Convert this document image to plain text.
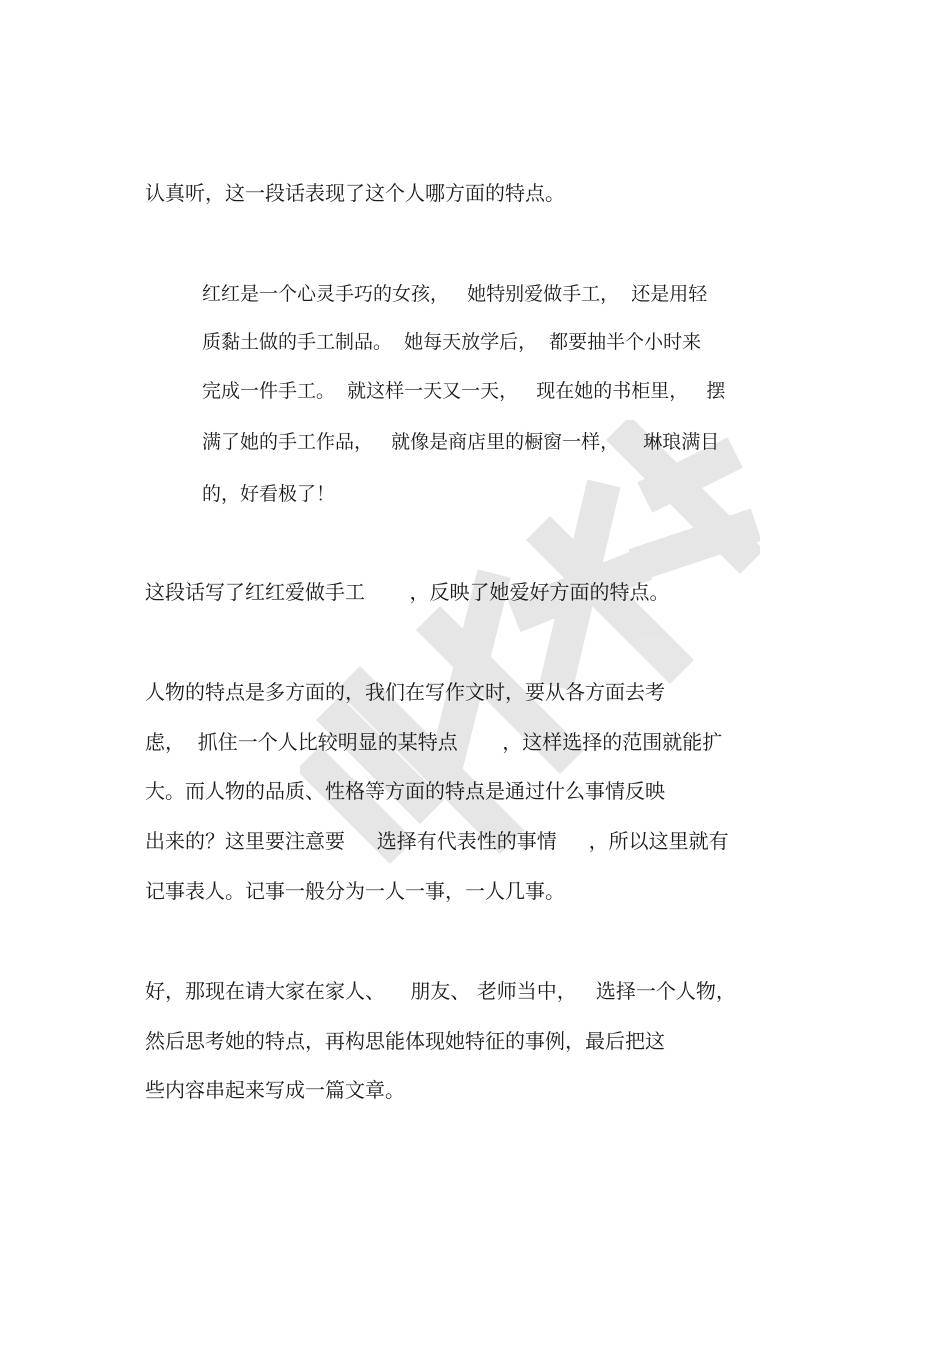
认真听，这一段话表现了这个人哪方面的特点。
红红是一个心灵手巧的女孩，   她特别爱做手工，  还是用轻
质黏土做的手工制品。  她每天放学后，  都要抽半个小时来
完成一件手工。  就这样一天又一天，   现在她的书柜里，   摆
满了她的手工作品，   就像是商店里的橱窗一样，    琳琅满目
的，好看极了！
这段话写了红红爱做手工       ，反映了她爱好方面的特点。
人物的特点是多方面的，我们在写作文时，要从各方面去考
虑，  抓住一个人比较明显的某特点       ，这样选择的范围就能扩
大。而人物的品质、性格等方面的特点是通过什么事情反映
出来的？这里要注意要     选择有代表性的事情     ，所以这里就有
记事表人。记事一般分为一人一事，一人几事。
好，那现在请大家在家人、    朋友、 老师当中，   选择一个人物，
然后思考她的特点，再构思能体现她特征的事例，最后把这
些内容串起来写成一篇文章。
